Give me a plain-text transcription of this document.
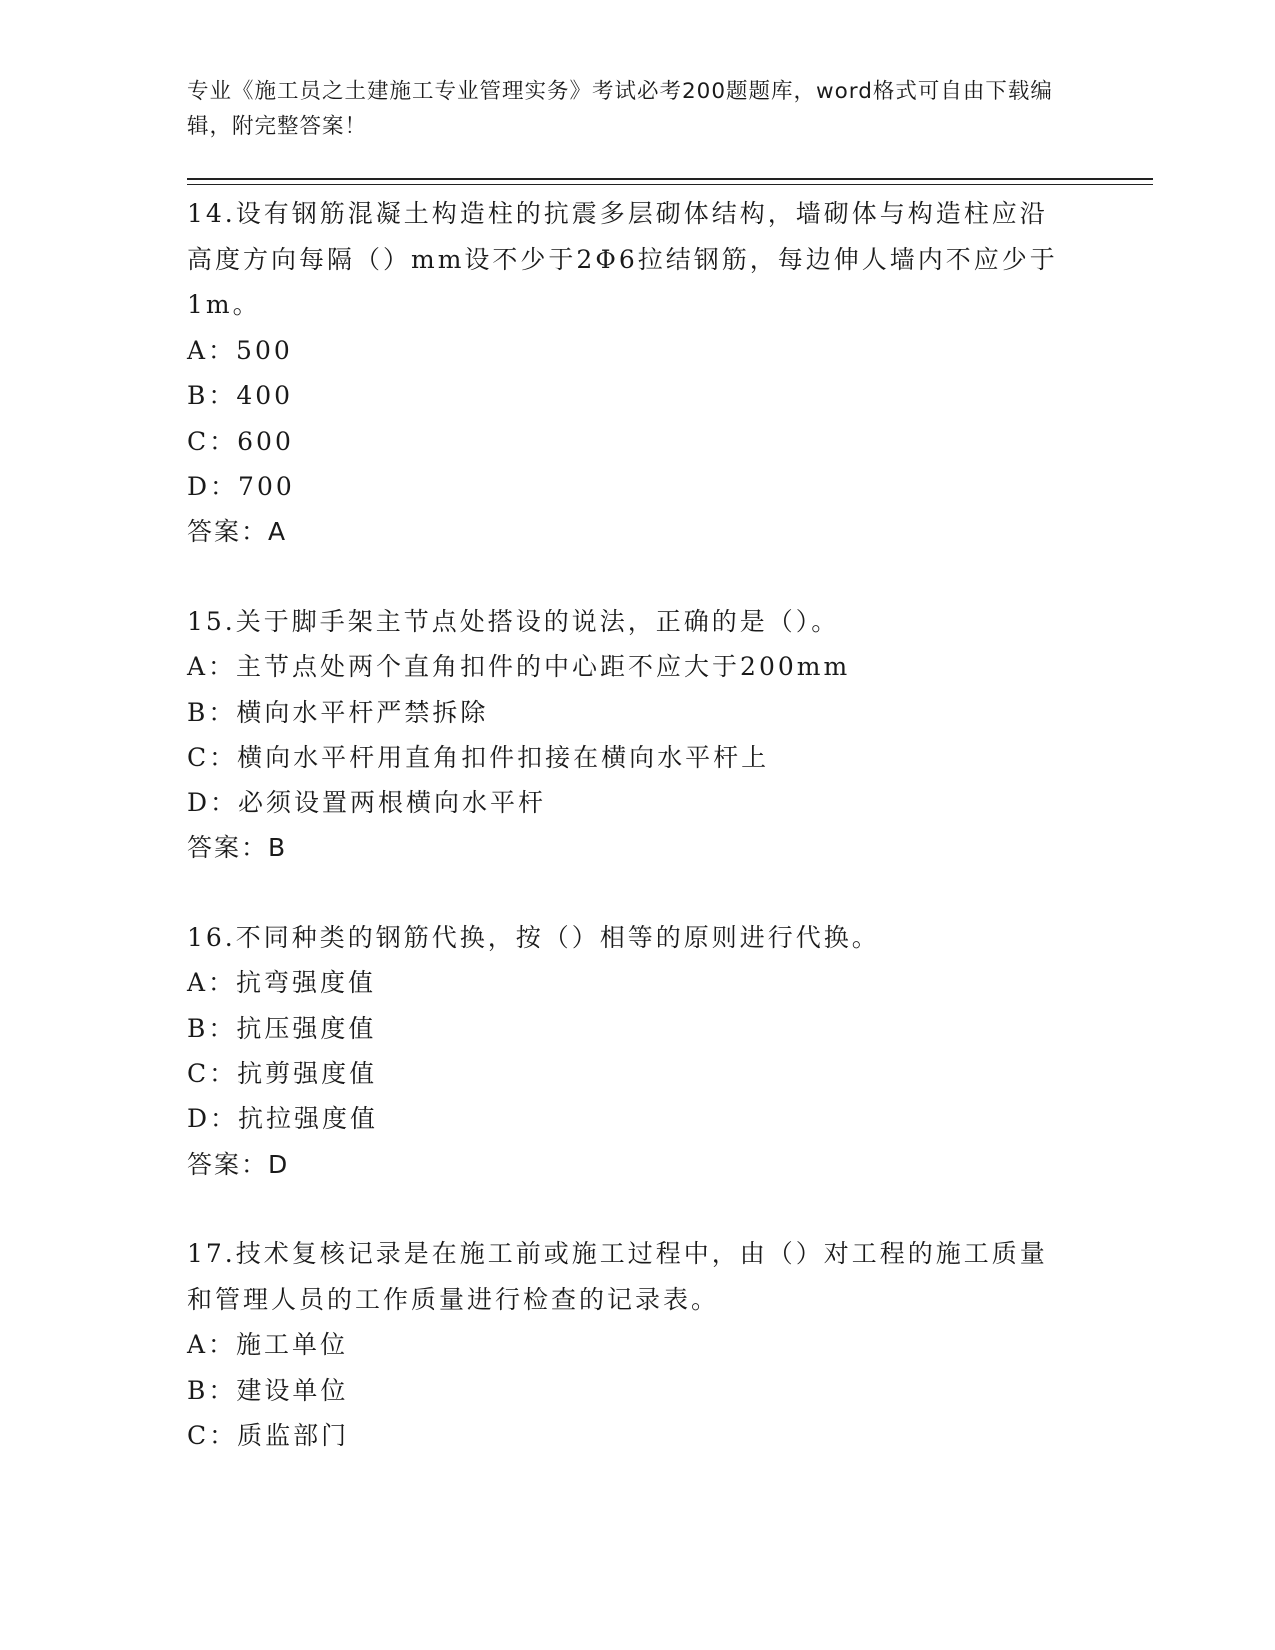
专业《施工员之土建施工专业管理实务》考试必考200题题库，word格式可自由下载编辑，附完整答案！

14.设有钢筋混凝土构造柱的抗震多层砌体结构，墙砌体与构造柱应沿

高度方向每隔（）mm设不少于2Φ6拉结钢筋，每边伸人墙内不应少于

1m。

A：500

B：400

C：600

D：700

答案：A

15.关于脚手架主节点处搭设的说法，正确的是（）。

A：主节点处两个直角扣件的中心距不应大于200mm

B：横向水平杆严禁拆除

C：横向水平杆用直角扣件扣接在横向水平杆上

D：必须设置两根横向水平杆

答案：B

16.不同种类的钢筋代换，按（）相等的原则进行代换。

A：抗弯强度值

B：抗压强度值

C：抗剪强度值

D：抗拉强度值

答案：D

17.技术复核记录是在施工前或施工过程中，由（）对工程的施工质量

和管理人员的工作质量进行检查的记录表。

A：施工单位

B：建设单位

C：质监部门
